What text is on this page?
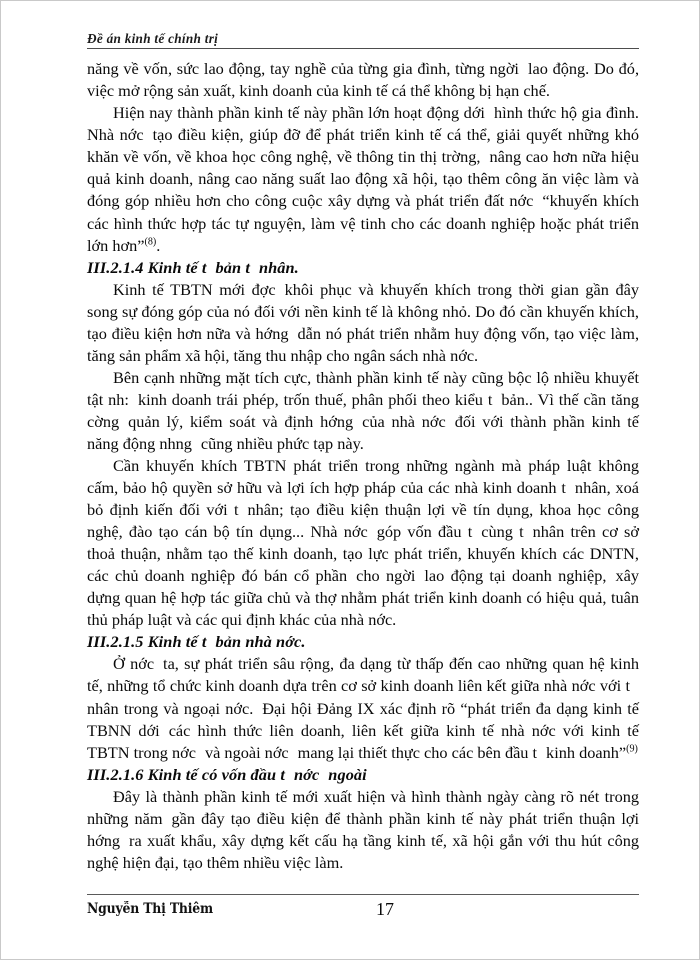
Đề án kinh tế chính trị

năng về vốn, sức lao động, tay nghề của từng gia đình, từng ngời lao động. Do đó, việc mở rộng sản xuất, kinh doanh của kinh tế cá thể không bị hạn chế.

Hiện nay thành phần kinh tế này phần lớn hoạt động dới hình thức hộ gia đình. Nhà nớc tạo điều kiện, giúp đỡ để phát triển kinh tế cá thể, giải quyết những khó khăn về vốn, về khoa học công nghệ, về thông tin thị trờng, nâng cao hơn nữa hiệu quả kinh doanh, nâng cao năng suất lao động xã hội, tạo thêm công ăn việc làm và đóng góp nhiều hơn cho công cuộc xây dựng và phát triển đất nớc “khuyến khích các hình thức hợp tác tự nguyện, làm vệ tinh cho các doanh nghiệp hoặc phát triển lớn hơn”$^{(8)}$.

III.2.1.4 Kinh tế t bản t nhân.

Kinh tế TBTN mới đợc khôi phục và khuyến khích trong thời gian gần đây song sự đóng góp của nó đối với nền kinh tế là không nhỏ. Do đó cần khuyến khích, tạo điều kiện hơn nữa và hớng dẫn nó phát triển nhằm huy động vốn, tạo việc làm, tăng sản phẩm xã hội, tăng thu nhập cho ngân sách nhà nớc.

Bên cạnh những mặt tích cực, thành phần kinh tế này cũng bộc lộ nhiều khuyết tật nh: kinh doanh trái phép, trốn thuế, phân phối theo kiểu t bản.. Vì thế cần tăng cờng quản lý, kiểm soát và định hớng của nhà nớc đối với thành phần kinh tế năng động nhng cũng nhiều phức tạp này.

Cần khuyến khích TBTN phát triển trong những ngành mà pháp luật không cấm, bảo hộ quyền sở hữu và lợi ích hợp pháp của các nhà kinh doanh t nhân, xoá bỏ định kiến đối với t nhân; tạo điều kiện thuận lợi về tín dụng, khoa học công nghệ, đào tạo cán bộ tín dụng... Nhà nớc góp vốn đầu t cùng t nhân trên cơ sở thoả thuận, nhằm tạo thế kinh doanh, tạo lực phát triển, khuyến khích các DNTN, các chủ doanh nghiệp đó bán cổ phần cho ngời lao động tại doanh nghiệp, xây dựng quan hệ hợp tác giữa chủ và thợ nhằm phát triển kinh doanh có hiệu quả, tuân thủ pháp luật và các qui định khác của nhà nớc.

III.2.1.5 Kinh tế t bản nhà nớc.

Ở nớc ta, sự phát triển sâu rộng, đa dạng từ thấp đến cao những quan hệ kinh tế, những tổ chức kinh doanh dựa trên cơ sở kinh doanh liên kết giữa nhà nớc với tnhân trong và ngoại nớc. Đại hội Đảng IX xác định rõ “phát triển đa dạng kinh tế TBNN dới các hình thức liên doanh, liên kết giữa kinh tế nhà nớc với kinh tế TBTN trong nớc và ngoài nớc mang lại thiết thực cho các bên đầu t kinh doanh”$^{(9)}$

III.2.1.6 Kinh tế có vốn đầu t nớc ngoài

Đây là thành phần kinh tế mới xuất hiện và hình thành ngày càng rõ nét trong những năm gần đây tạo điều kiện để thành phần kinh tế này phát triển thuận lợi hớng ra xuất khẩu, xây dựng kết cấu hạ tầng kinh tế, xã hội gắn với thu hút công nghệ hiện đại, tạo thêm nhiều việc làm.

Nguyễn Thị Thiêm	17
